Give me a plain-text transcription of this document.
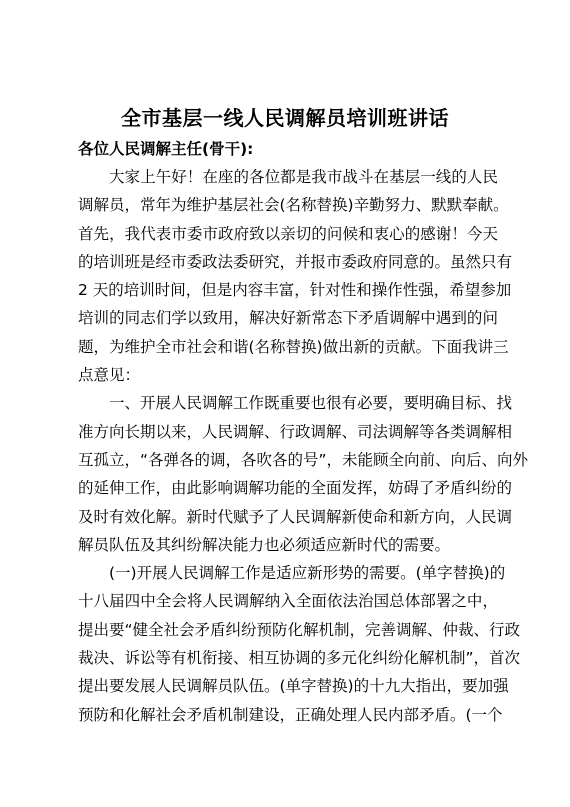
全市基层一线人民调解员培训班讲话
各位人民调解主任(骨干):
大家上午好！在座的各位都是我市战斗在基层一线的人民
调解员，常年为维护基层社会(名称替换)辛勤努力、默默奉献。
首先，我代表市委市政府致以亲切的问候和衷心的感谢！今天
的培训班是经市委政法委研究，并报市委政府同意的。虽然只有
2 天的培训时间，但是内容丰富，针对性和操作性强，希望参加
培训的同志们学以致用，解决好新常态下矛盾调解中遇到的问
题，为维护全市社会和谐(名称替换)做出新的贡献。下面我讲三
点意见：
一、开展人民调解工作既重要也很有必要，要明确目标、找
准方向长期以来，人民调解、行政调解、司法调解等各类调解相
互孤立，“各弹各的调，各吹各的号”，未能顾全向前、向后、向外
的延伸工作，由此影响调解功能的全面发挥，妨碍了矛盾纠纷的
及时有效化解。新时代赋予了人民调解新使命和新方向，人民调
解员队伍及其纠纷解决能力也必须适应新时代的需要。
(一)开展人民调解工作是适应新形势的需要。(单字替换)的
十八届四中全会将人民调解纳入全面依法治国总体部署之中，
提出要“健全社会矛盾纠纷预防化解机制，完善调解、仲裁、行政
裁决、诉讼等有机衔接、相互协调的多元化纠纷化解机制”，首次
提出要发展人民调解员队伍。(单字替换)的十九大指出，要加强
预防和化解社会矛盾机制建设，正确处理人民内部矛盾。(一个
